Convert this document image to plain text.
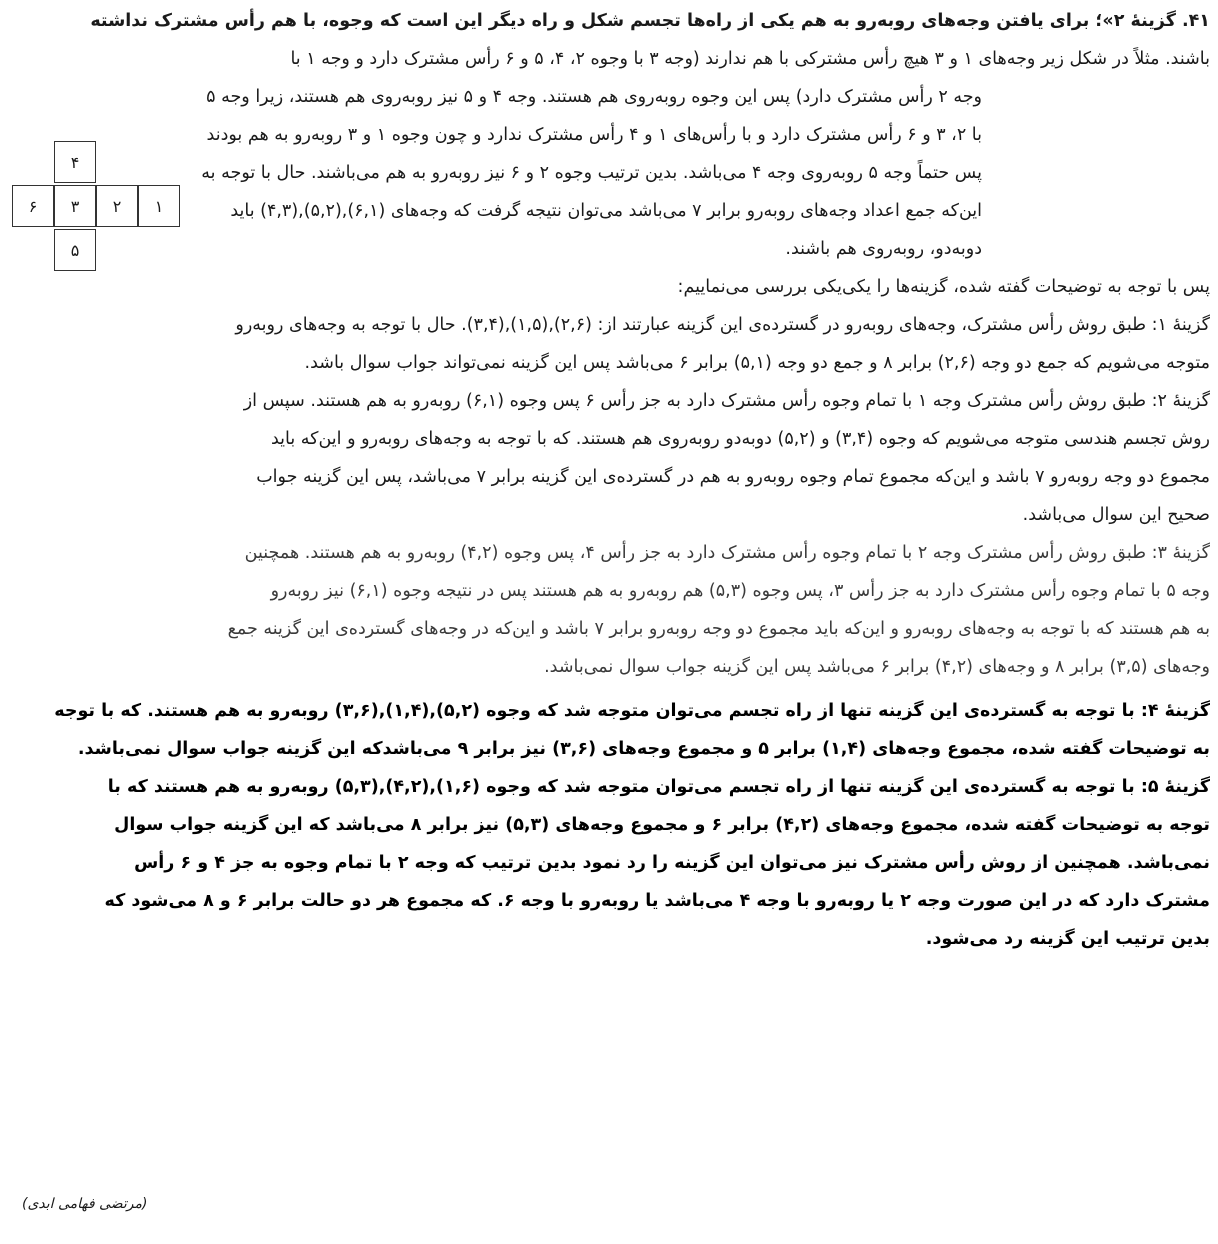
۴
۶	۳	۲	۱
۵
۴۱. گزینهٔ ۲»؛ برای یافتن وجه‌های روبه‌رو به هم یکی از راه‌ها تجسم شکل و راه دیگر این است که وجوه، با هم رأس مشترک نداشته
باشند. مثلاً در شکل زیر وجه‌های ۱ و ۳ هیچ رأس مشترکی با هم ندارند (وجه ۳ با وجوه ۲، ۴، ۵ و ۶ رأس مشترک دارد و وجه ۱ با
وجه ۲ رأس مشترک دارد) پس این وجوه روبه‌روی هم هستند. وجه ۴ و ۵ نیز روبه‌روی هم هستند، زیرا وجه ۵
با ۲، ۳ و ۶ رأس مشترک دارد و با رأس‌های ۱ و ۴ رأس مشترک ندارد و چون وجوه ۱ و ۳ روبه‌رو به هم بودند
پس حتماً وجه ۵ روبه‌روی وجه ۴ می‌باشد. بدین ترتیب وجوه ۲ و ۶ نیز روبه‌رو به هم می‌باشند. حال با توجه به
این‌که جمع اعداد وجه‌های روبه‌رو برابر ۷ می‌باشد می‌توان نتیجه گرفت که وجه‌های (۶,۱),(۵,۲),(۴,۳) باید
دوبه‌دو، روبه‌روی هم باشند.
پس با توجه به توضیحات گفته شده، گزینه‌ها را یکی‌یکی بررسی می‌نماییم:
گزینهٔ ۱: طبق روش رأس مشترک، وجه‌های روبه‌رو در گسترده‌ی این گزینه عبارتند از: (۲,۶),(۱,۵),(۳,۴). حال با توجه به وجه‌های روبه‌رو
متوجه می‌شویم که جمع دو وجه (۲,۶) برابر ۸ و جمع دو وجه (۵,۱) برابر ۶ می‌باشد پس این گزینه نمی‌تواند جواب سوال باشد.
گزینهٔ ۲: طبق روش رأس مشترک وجه ۱ با تمام وجوه رأس مشترک دارد به جز رأس ۶ پس وجوه (۶,۱) روبه‌رو به هم هستند. سپس از
روش تجسم هندسی متوجه می‌شویم که وجوه (۳,۴) و (۵,۲) دوبه‌دو روبه‌روی هم هستند. که با توجه به وجه‌های روبه‌رو و این‌که باید
مجموع دو وجه روبه‌رو ۷ باشد و این‌که مجموع تمام وجوه روبه‌رو به هم در گسترده‌ی این گزینه برابر ۷ می‌باشد، پس این گزینه جواب
صحیح این سوال می‌باشد.
گزینهٔ ۳: طبق روش رأس مشترک وجه ۲ با تمام وجوه رأس مشترک دارد به جز رأس ۴، پس وجوه (۴,۲) روبه‌رو به هم هستند. همچنین
وجه ۵ با تمام وجوه رأس مشترک دارد به جز رأس ۳، پس وجوه (۵,۳) هم روبه‌رو به هم هستند پس در نتیجه وجوه (۶,۱) نیز روبه‌رو
به هم هستند که با توجه به وجه‌های روبه‌رو و این‌که باید مجموع دو وجه روبه‌رو برابر ۷ باشد و این‌که در وجه‌های گسترده‌ی این گزینه جمع
وجه‌های (۳,۵) برابر ۸ و وجه‌های (۴,۲) برابر ۶ می‌باشد پس این گزینه جواب سوال نمی‌باشد.
گزینهٔ ۴: با توجه به گسترده‌ی این گزینه تنها از راه تجسم می‌توان متوجه شد که وجوه (۵,۲),(۱,۴),(۳,۶) روبه‌رو به هم هستند. که با توجه
به توضیحات گفته شده، مجموع وجه‌های (۱,۴) برابر ۵ و مجموع وجه‌های (۳,۶) نیز برابر ۹ می‌باشدکه این گزینه جواب سوال نمی‌باشد.
گزینهٔ ۵: با توجه به گسترده‌ی این گزینه تنها از راه تجسم می‌توان متوجه شد که وجوه (۱,۶),(۴,۲),(۵,۳) روبه‌رو به هم هستند که با
توجه به توضیحات گفته شده، مجموع وجه‌های (۴,۲) برابر ۶ و مجموع وجه‌های (۵,۳) نیز برابر ۸ می‌باشد که این گزینه جواب سوال
نمی‌باشد. همچنین از روش رأس مشترک نیز می‌توان این گزینه را رد نمود بدین ترتیب که وجه ۲ با تمام وجوه به جز ۴ و ۶ رأس
مشترک دارد که در این صورت وجه ۲ یا روبه‌رو با وجه ۴ می‌باشد یا روبه‌رو با وجه ۶. که مجموع هر دو حالت برابر ۶ و ۸ می‌شود که
بدین ترتیب این گزینه رد می‌شود.
(مرتضی فهامی ابدی)
